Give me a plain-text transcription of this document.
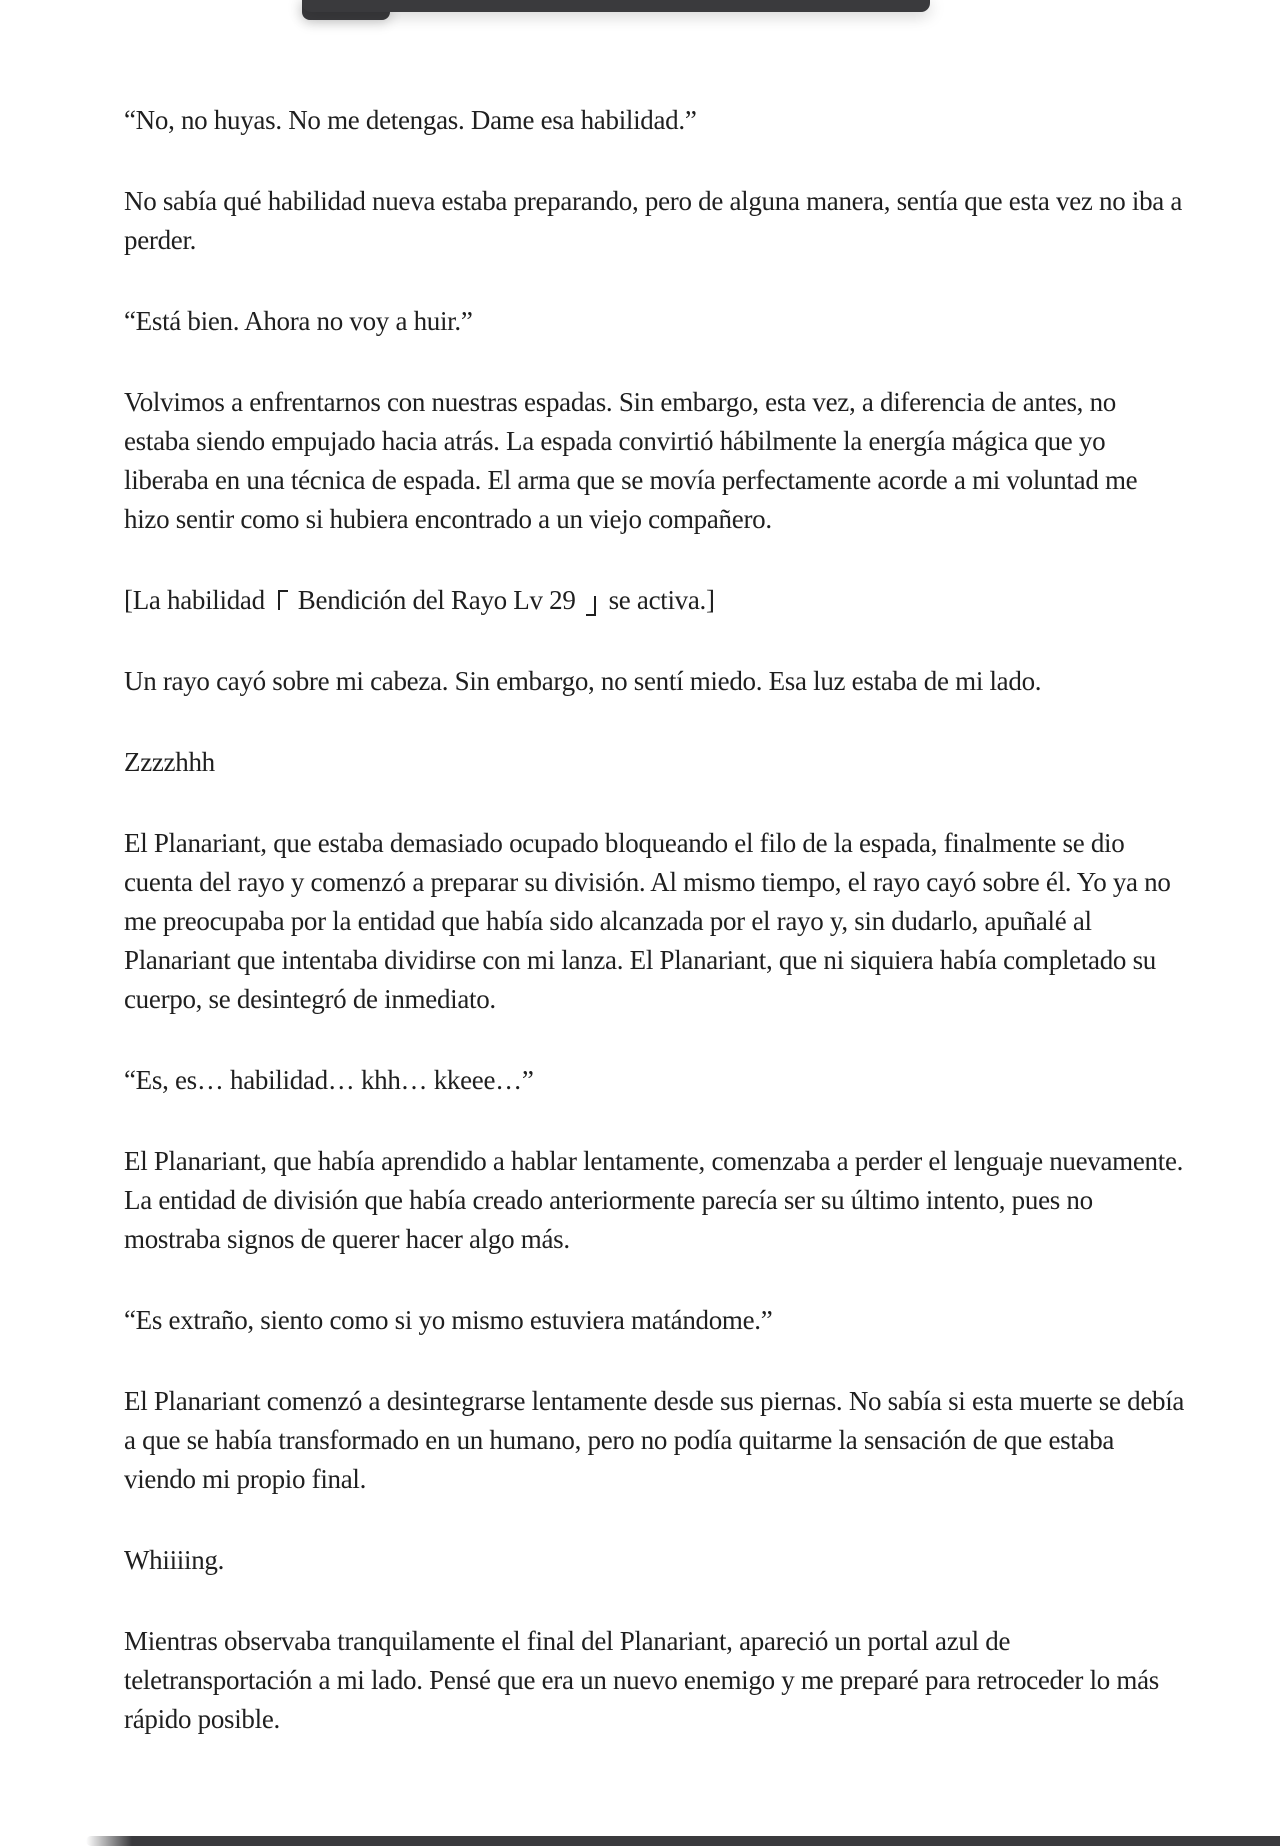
“No, no huyas. No me detengas. Dame esa habilidad.”

No sabía qué habilidad nueva estaba preparando, pero de alguna manera, sentía que esta vez no iba a perder.

“Está bien. Ahora no voy a huir.”

Volvimos a enfrentarnos con nuestras espadas. Sin embargo, esta vez, a diferencia de antes, no estaba siendo empujado hacia atrás. La espada convirtió hábilmente la energía mágica que yo liberaba en una técnica de espada. El arma que se movía perfectamente acorde a mi voluntad me hizo sentir como si hubiera encontrado a un viejo compañero.

[La habilidad Bendición del Rayo Lv 29 se activa.]

Un rayo cayó sobre mi cabeza. Sin embargo, no sentí miedo. Esa luz estaba de mi lado.

Zzzzhhh

El Planariant, que estaba demasiado ocupado bloqueando el filo de la espada, finalmente se dio cuenta del rayo y comenzó a preparar su división. Al mismo tiempo, el rayo cayó sobre él. Yo ya no me preocupaba por la entidad que había sido alcanzada por el rayo y, sin dudarlo, apuñalé al Planariant que intentaba dividirse con mi lanza. El Planariant, que ni siquiera había completado su cuerpo, se desintegró de inmediato.

“Es, es… habilidad… khh… kkeee…”

El Planariant, que había aprendido a hablar lentamente, comenzaba a perder el lenguaje nuevamente. La entidad de división que había creado anteriormente parecía ser su último intento, pues no mostraba signos de querer hacer algo más.

“Es extraño, siento como si yo mismo estuviera matándome.”

El Planariant comenzó a desintegrarse lentamente desde sus piernas. No sabía si esta muerte se debía a que se había transformado en un humano, pero no podía quitarme la sensación de que estaba viendo mi propio final.

Whiiiing.

Mientras observaba tranquilamente el final del Planariant, apareció un portal azul de teletransportación a mi lado. Pensé que era un nuevo enemigo y me preparé para retroceder lo más rápido posible.
